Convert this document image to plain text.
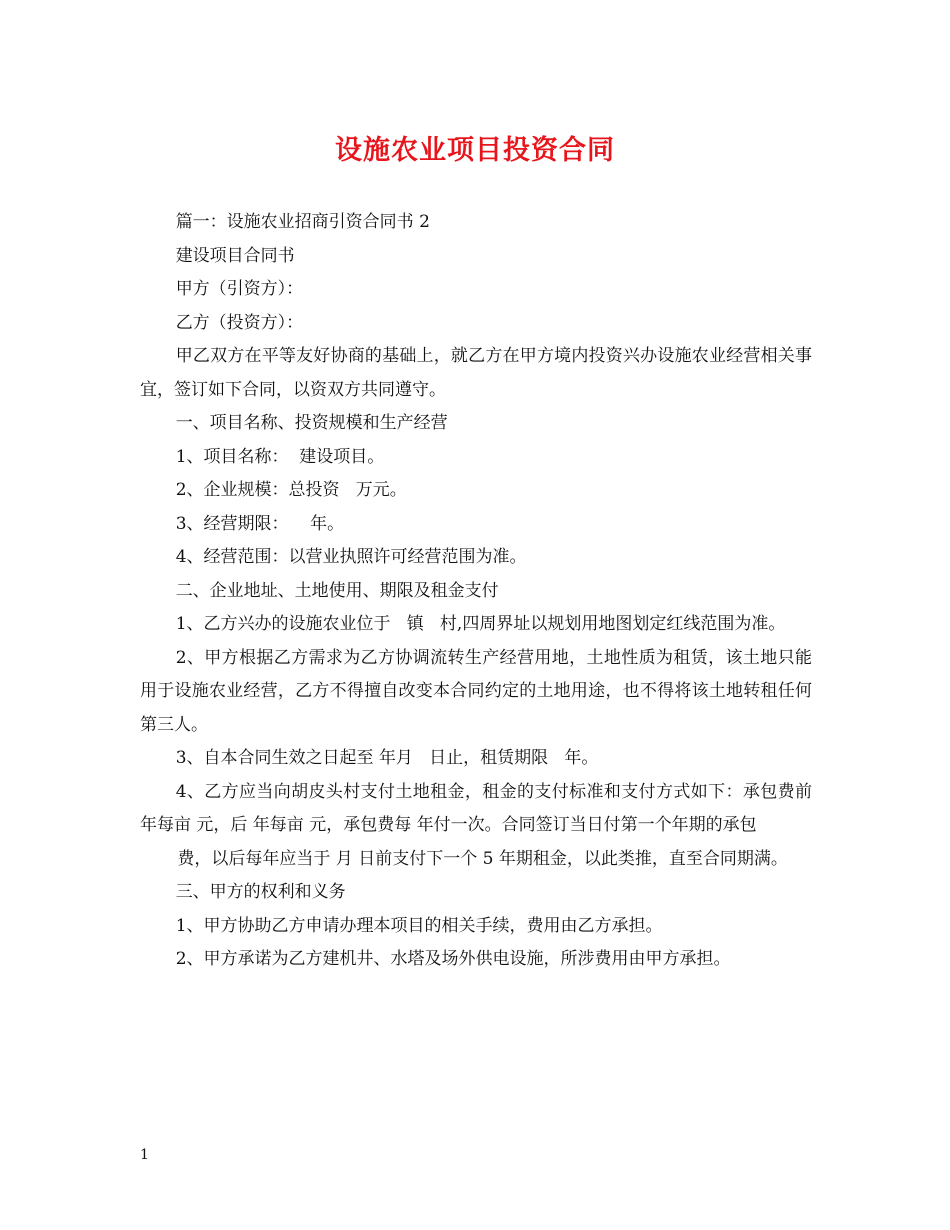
设施农业项目投资合同

篇一：设施农业招商引资合同书 2

建设项目合同书

甲方（引资方）：

乙方（投资方）：

甲乙双方在平等友好协商的基础上，就乙方在甲方境内投资兴办设施农业经营相关事宜，签订如下合同，以资双方共同遵守。

一、项目名称、投资规模和生产经营

1、项目名称：  建设项目。

2、企业规模：总投资   万元。

3、经营期限：    年。

4、经营范围：以营业执照许可经营范围为准。

二、企业地址、土地使用、期限及租金支付

1、乙方兴办的设施农业位于   镇   村,四周界址以规划用地图划定红线范围为准。

2、甲方根据乙方需求为乙方协调流转生产经营用地，土地性质为租赁，该土地只能用于设施农业经营，乙方不得擅自改变本合同约定的土地用途，也不得将该土地转租任何第三人。

3、自本合同生效之日起至 年月   日止，租赁期限   年。

4、乙方应当向胡皮头村支付土地租金，租金的支付标准和支付方式如下：承包费前 年每亩 元，后 年每亩 元，承包费每 年付一次。合同签订当日付第一个年期的承包

费，以后每年应当于 月 日前支付下一个 5 年期租金，以此类推，直至合同期满。

三、甲方的权利和义务

1、甲方协助乙方申请办理本项目的相关手续，费用由乙方承担。

2、甲方承诺为乙方建机井、水塔及场外供电设施，所涉费用由甲方承担。

1
